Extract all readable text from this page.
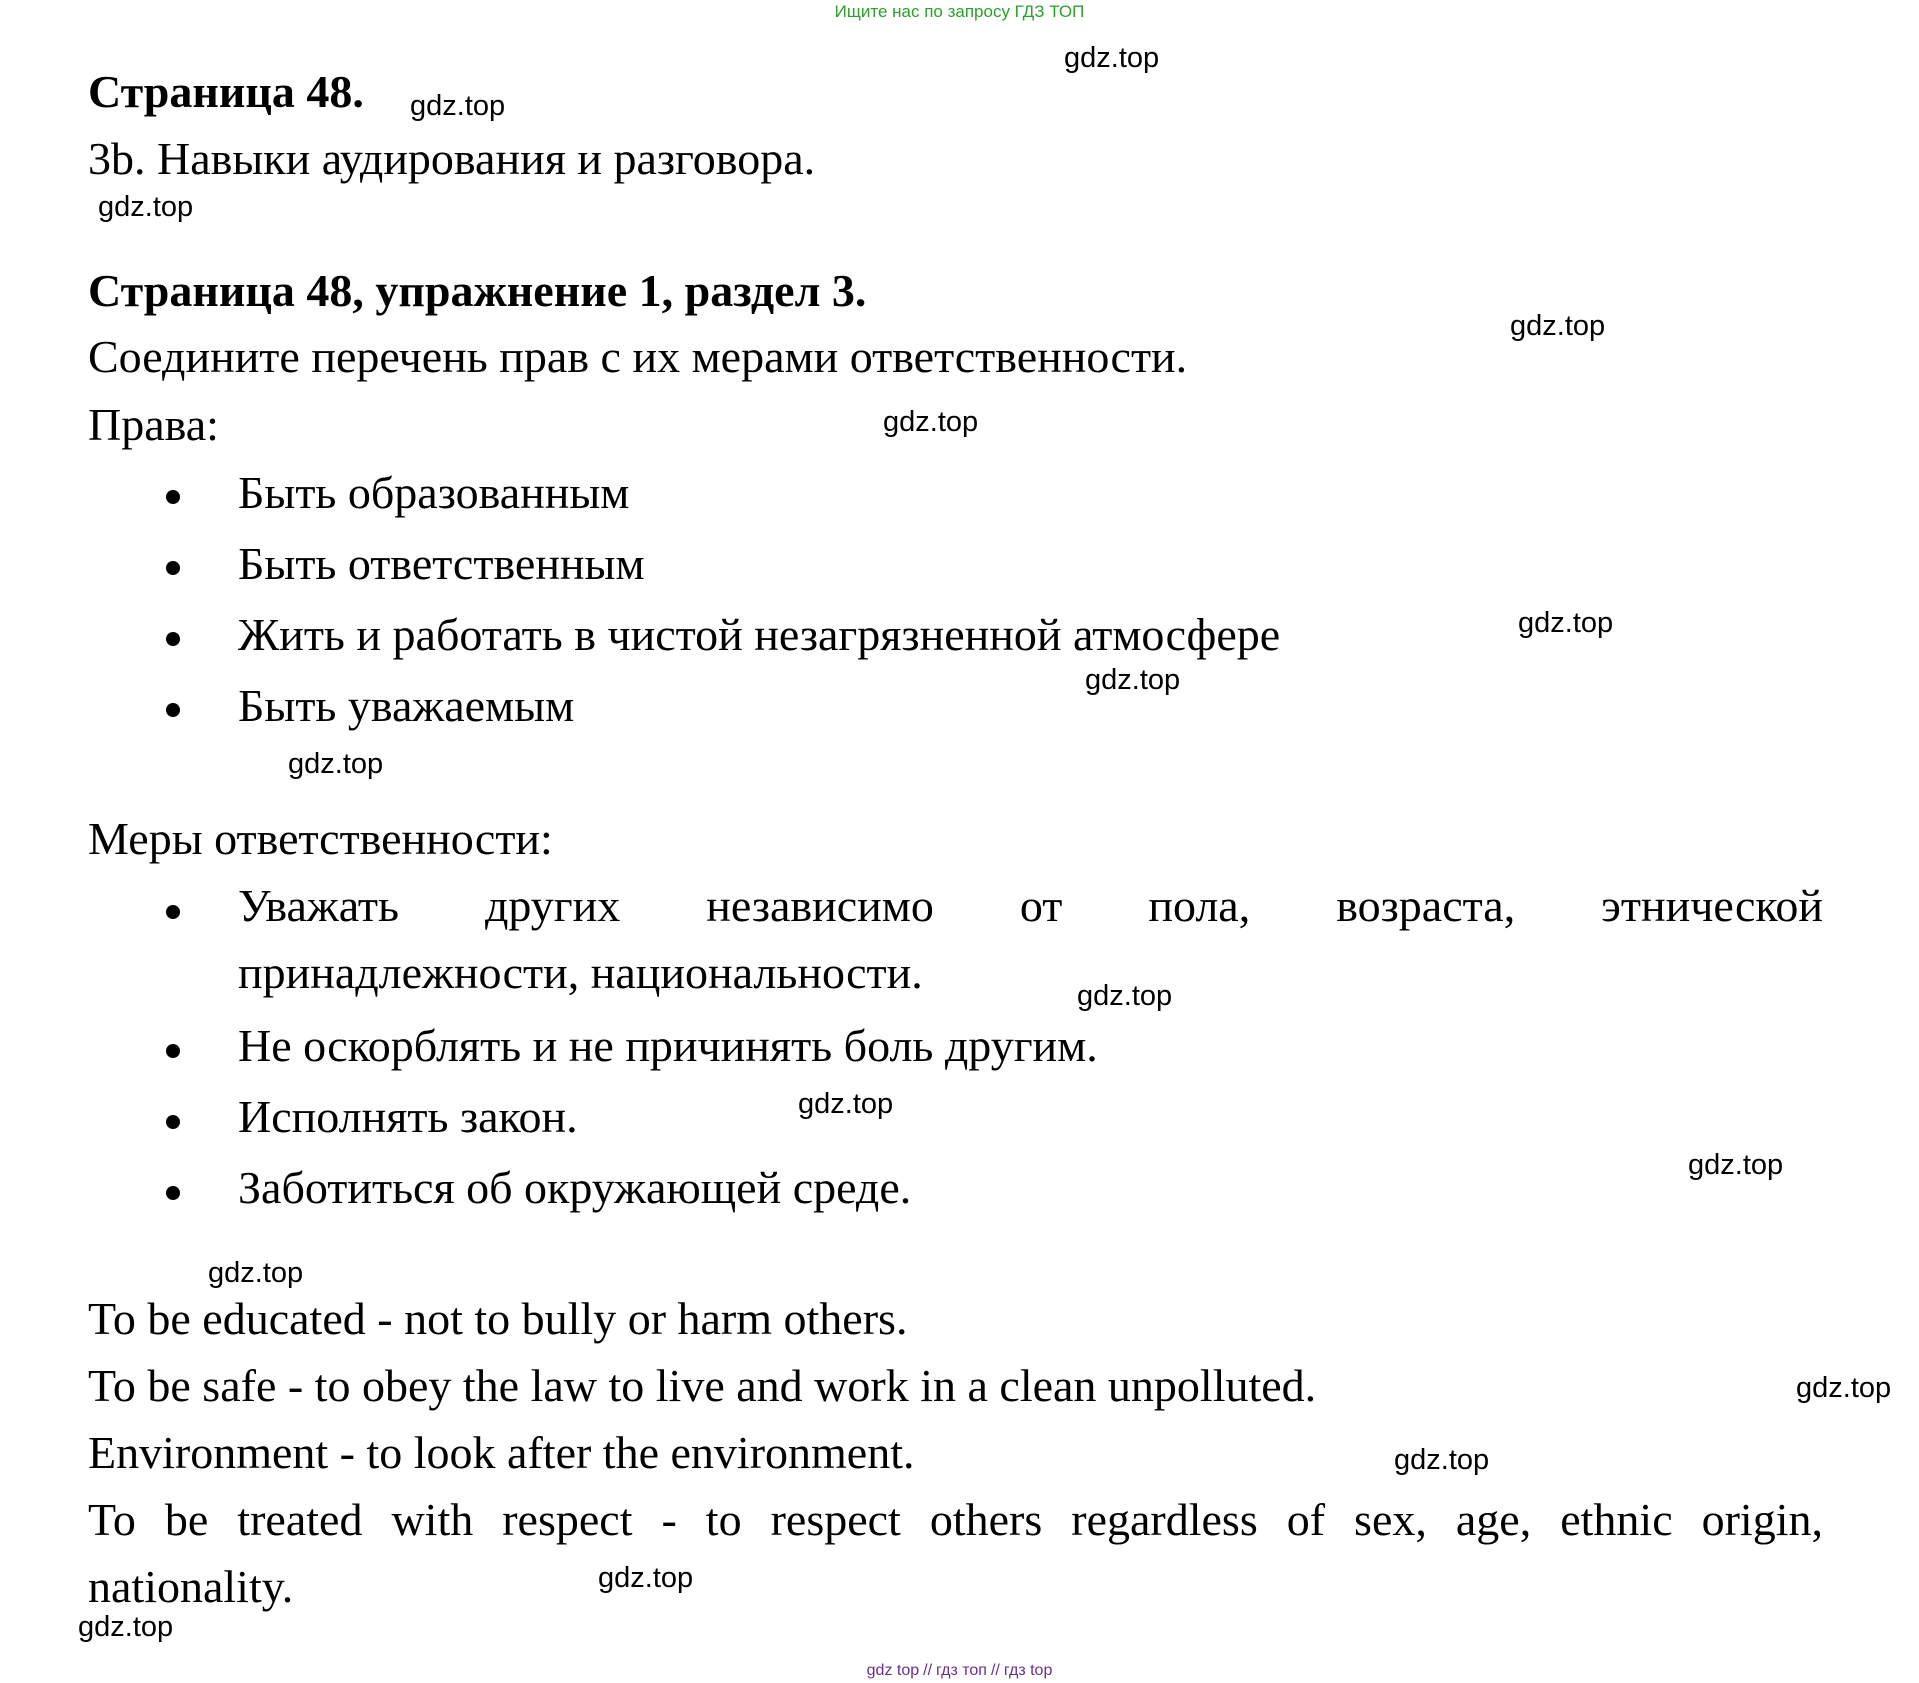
Ищите нас по запросу ГДЗ ТОП
Страница 48.
3b. Навыки аудирования и разговора.
Страница 48, упражнение 1, раздел 3.
Соедините перечень прав с их мерами ответственности.
Права:
Быть образованным
Быть ответственным
Жить и работать в чистой незагрязненной атмосфере
Быть уважаемым
Меры ответственности:
Уважать других независимо от пола, возраста, этнической
принадлежности, национальности.
Не оскорблять и не причинять боль другим.
Исполнять закон.
Заботиться об окружающей среде.
To be educated - not to bully or harm others.
To be safe - to obey the law to live and work in a clean unpolluted.
Environment - to look after the environment.
To be treated with respect - to respect others regardless of sex, age, ethnic origin,
nationality.
gdz.top
gdz.top
gdz.top
gdz.top
gdz.top
gdz.top
gdz.top
gdz.top
gdz.top
gdz.top
gdz.top
gdz.top
gdz.top
gdz.top
gdz.top
gdz.top
gdz top // гдз топ // гдз top
